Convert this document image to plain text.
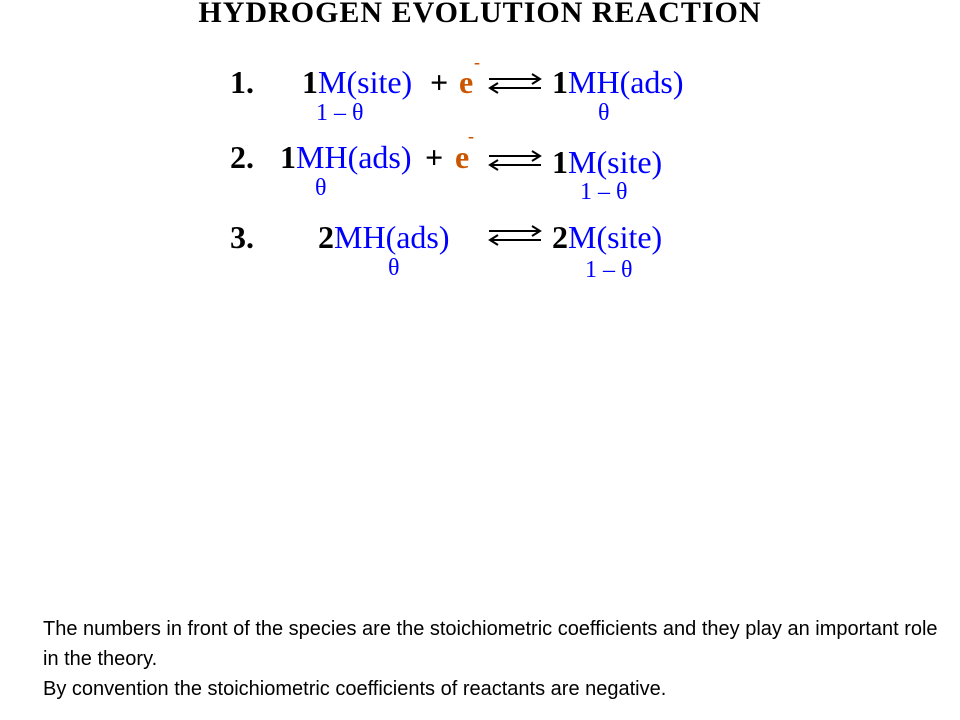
HYDROGEN EVOLUTION REACTION
1. 1M(site) + e
-
⇌ 1MH(ads)
1 – θ	θ
2. 1MH(ads) + e
-
⇌ 1M(site)
θ	1 – θ
3. 2MH(ads) ⇌ 2M(site)
θ	1 – θ

The numbers in front of the species are the stoichiometric coefficients and they play an important role in the theory.

By convention the stoichiometric coefficients of reactants are negative.
